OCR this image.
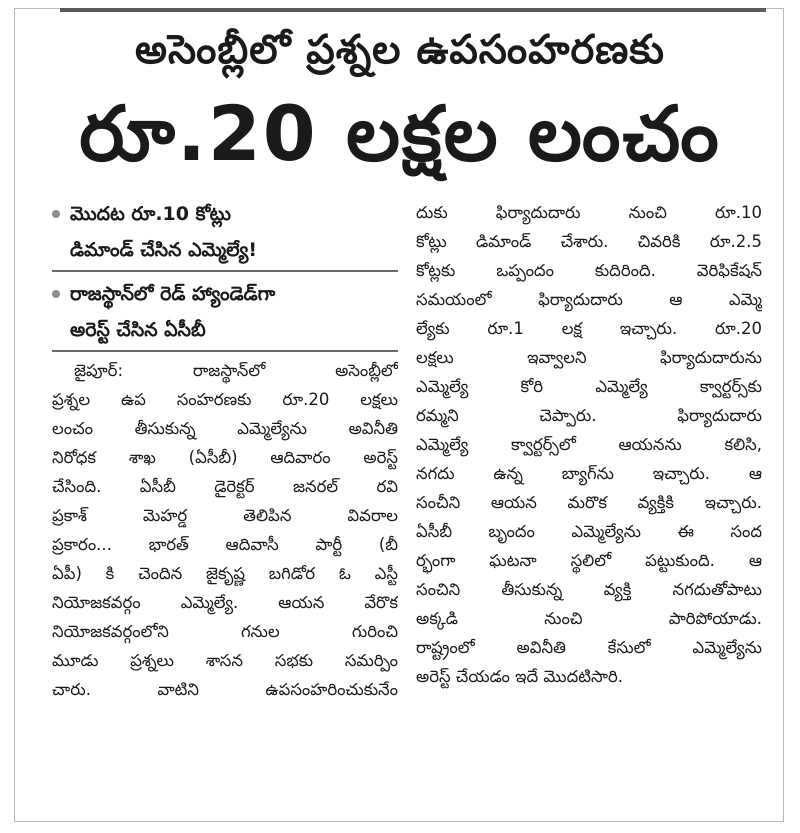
అసెంబ్లీలో ప్రశ్నల ఉపసంహరణకు
రూ.20 లక్షల లంచం
మొదట రూ.10 కోట్లు
డిమాండ్ చేసిన ఎమ్మెల్యే!
రాజస్థాన్‌లో రెడ్ హ్యాండెడ్‌గా
అరెస్ట్ చేసిన ఏసీబీ
జైపూర్: రాజస్థాన్‌లో అసెంబ్లీలో
ప్రశ్నల ఉప సంహరణకు రూ.20 లక్షలు
లంచం తీసుకున్న ఎమ్మెల్యేను అవినీతి
నిరోధక శాఖ (ఏసీబీ) ఆదివారం అరెస్ట్
చేసింది. ఏసీబీ డైరెక్టర్ జనరల్ రవి
ప్రకాశ్ మెహర్డ తెలిపిన వివరాల
ప్రకారం... భారత్ ఆదివాసీ పార్టీ (బీ
ఏపీ) కి చెందిన జైకృష్ణ బగిడోర ఓ ఎస్టీ
నియోజకవర్గం ఎమ్మెల్యే. ఆయన వేరొక
నియోజకవర్గంలోని గనుల గురించి
మూడు ప్రశ్నలు శాసన సభకు సమర్పిం
చారు. వాటిని ఉపసంహరించుకునేం
దుకు ఫిర్యాదుదారు నుంచి రూ.10
కోట్లు డిమాండ్ చేశారు. చివరికి రూ.2.5
కోట్లకు ఒప్పందం కుదిరింది. వెరిఫికేషన్
సమయంలో ఫిర్యాదుదారు ఆ ఎమ్మె
ల్యేకు రూ.1 లక్ష ఇచ్చారు. రూ.20
లక్షలు ఇవ్వాలని ఫిర్యాదుదారును
ఎమ్మెల్యే కోరి ఎమ్మెల్యే క్వార్టర్స్‌కు
రమ్మని చెప్పారు. ఫిర్యాదుదారు
ఎమ్మెల్యే క్వార్టర్స్‌లో ఆయనను కలిసి,
నగదు ఉన్న బ్యాగ్‌ను ఇచ్చారు. ఆ
సంచీని ఆయన మరొక వ్యక్తికి ఇచ్చారు.
ఏసీబీ బృందం ఎమ్మెల్యేను ఈ సంద
ర్భంగా ఘటనా స్థలిలో పట్టుకుంది. ఆ
సంచిని తీసుకున్న వ్యక్తి నగదుతోపాటు
అక్కడి నుంచి పారిపోయాడు.
రాష్ట్రంలో అవినీతి కేసులో ఎమ్మెల్యేను
అరెస్ట్ చేయడం ఇదే మొదటిసారి.
